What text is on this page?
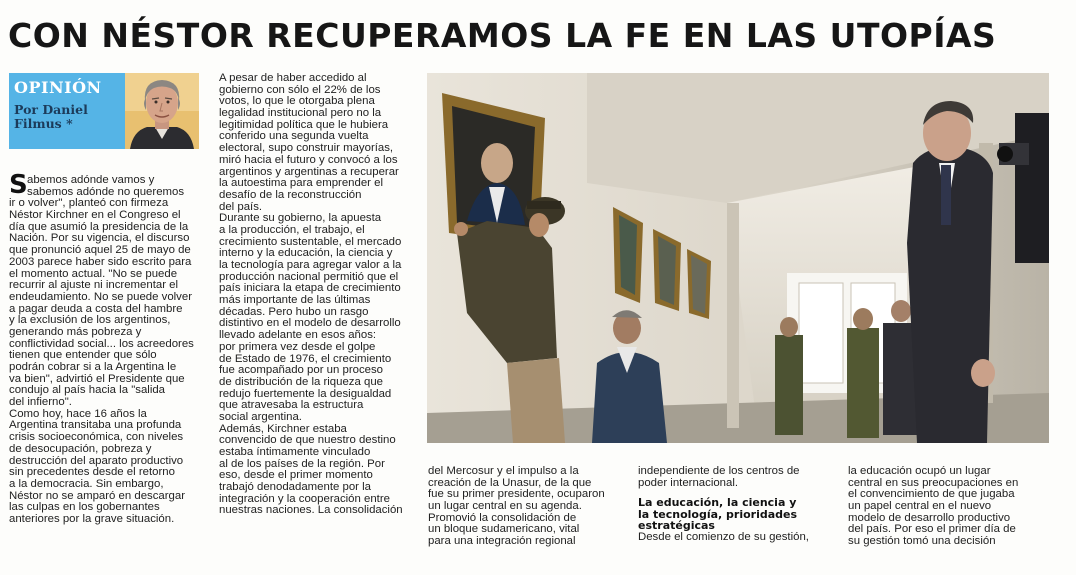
CON NÉSTOR RECUPERAMOS LA FE EN LAS UTOPÍAS
OPINIÓN
Por Daniel Filmus *
S abemos adónde vamos y
sabemos adónde no queremos
ir o volver", planteó con firmeza
Néstor Kirchner en el Congreso el
día que asumió la presidencia de la
Nación. Por su vigencia, el discurso
que pronunció aquel 25 de mayo de
2003 parece haber sido escrito para
el momento actual. "No se puede
recurrir al ajuste ni incrementar el
endeudamiento. No se puede volver
a pagar deuda a costa del hambre
y la exclusión de los argentinos,
generando más pobreza y
conflictividad social... los acreedores
tienen que entender que sólo
podrán cobrar si a la Argentina le
va bien", advirtió el Presidente que
condujo al país hacia la "salida
del infierno".
Como hoy, hace 16 años la
Argentina transitaba una profunda
crisis socioeconómica, con niveles
de desocupación, pobreza y
destrucción del aparato productivo
sin precedentes desde el retorno
a la democracia. Sin embargo,
Néstor no se amparó en descargar
las culpas en los gobernantes
anteriores por la grave situación.
A pesar de haber accedido al
gobierno con sólo el 22% de los
votos, lo que le otorgaba plena
legalidad institucional pero no la
legitimidad política que le hubiera
conferido una segunda vuelta
electoral, supo construir mayorías,
miró hacia el futuro y convocó a los
argentinos y argentinas a recuperar
la autoestima para emprender el
desafío de la reconstrucción
del país.
Durante su gobierno, la apuesta
a la producción, el trabajo, el
crecimiento sustentable, el mercado
interno y la educación, la ciencia y
la tecnología para agregar valor a la
producción nacional permitió que el
país iniciara la etapa de crecimiento
más importante de las últimas
décadas. Pero hubo un rasgo
distintivo en el modelo de desarrollo
llevado adelante en esos años:
por primera vez desde el golpe
de Estado de 1976, el crecimiento
fue acompañado por un proceso
de distribución de la riqueza que
redujo fuertemente la desigualdad
que atravesaba la estructura
social argentina.
Además, Kirchner estaba
convencido de que nuestro destino
estaba íntimamente vinculado
al de los países de la región. Por
eso, desde el primer momento
trabajó denodadamente por la
integración y la cooperación entre
nuestras naciones. La consolidación
del Mercosur y el impulso a la
creación de la Unasur, de la que
fue su primer presidente, ocuparon
un lugar central en su agenda.
Promovió la consolidación de
un bloque sudamericano, vital
para una integración regional
independiente de los centros de
poder internacional.
La educación, la ciencia y
la tecnología, prioridades
estratégicas
Desde el comienzo de su gestión,
la educación ocupó un lugar
central en sus preocupaciones en
el convencimiento de que jugaba
un papel central en el nuevo
modelo de desarrollo productivo
del país. Por eso el primer día de
su gestión tomó una decisión
